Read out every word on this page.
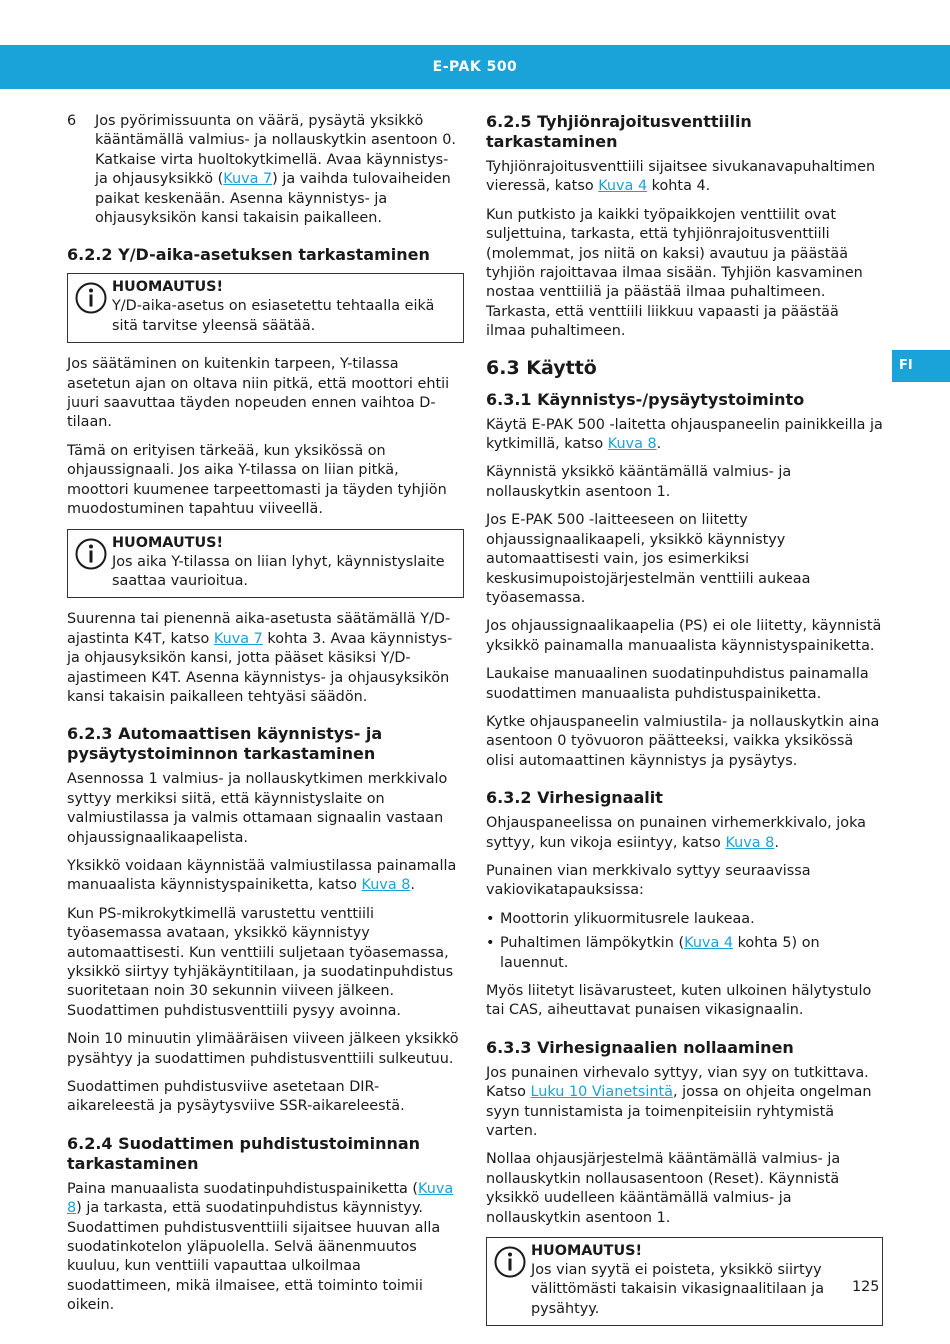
E-PAK 500
FI
6	Jos pyörimissuunta on väärä, pysäytä yksikkö kääntämällä valmius- ja nollauskytkin asentoon 0. Katkaise virta huoltokytkimellä. Avaa käynnistys- ja ohjausyksikkö (Kuva 7) ja vaihda tulovaiheiden paikat keskenään. Asenna käynnistys- ja ohjausyksikön kansi takaisin paikalleen.
6.2.2 Y/D-aika-asetuksen tarkastaminen
HUOMAUTUS!
Y/D-aika-asetus on esiasetettu tehtaalla eikä sitä tarvitse yleensä säätää.

Jos säätäminen on kuitenkin tarpeen, Y-tilassa asetetun ajan on oltava niin pitkä, että moottori ehtii juuri saavuttaa täyden nopeuden ennen vaihtoa D-tilaan.

Tämä on erityisen tärkeää, kun yksikössä on ohjaussignaali. Jos aika Y-tilassa on liian pitkä, moottori kuumenee tarpeettomasti ja täyden tyhjiön muodostuminen tapahtuu viiveellä.

HUOMAUTUS!
Jos aika Y-tilassa on liian lyhyt, käynnistyslaite saattaa vaurioitua.

Suurenna tai pienennä aika-asetusta säätämällä Y/D-ajastinta K4T, katso Kuva 7 kohta 3. Avaa käynnistys- ja ohjausyksikön kansi, jotta pääset käsiksi Y/D-ajastimeen K4T. Asenna käynnistys- ja ohjausyksikön kansi takaisin paikalleen tehtyäsi säädön.

6.2.3 Automaattisen käynnistys- ja pysäytystoiminnon tarkastaminen

Asennossa 1 valmius- ja nollauskytkimen merkkivalo syttyy merkiksi siitä, että käynnistyslaite on valmiustilassa ja valmis ottamaan signaalin vastaan ohjaussignaalikaapelista.

Yksikkö voidaan käynnistää valmiustilassa painamalla manuaalista käynnistyspainiketta, katso Kuva 8.

Kun PS-mikrokytkimellä varustettu venttiili työasemassa avataan, yksikkö käynnistyy automaattisesti. Kun venttiili suljetaan työasemassa, yksikkö siirtyy tyhjäkäyntitilaan, ja suodatinpuhdistus suoritetaan noin 30 sekunnin viiveen jälkeen. Suodattimen puhdistusventtiili pysyy avoinna.

Noin 10 minuutin ylimääräisen viiveen jälkeen yksikkö pysähtyy ja suodattimen puhdistusventtiili sulkeutuu.

Suodattimen puhdistusviive asetetaan DIR-aikareleestä ja pysäytysviive SSR-aikareleestä.

6.2.4 Suodattimen puhdistustoiminnan tarkastaminen

Paina manuaalista suodatinpuhdistuspainiketta (Kuva 8) ja tarkasta, että suodatinpuhdistus käynnistyy. Suodattimen puhdistusventtiili sijaitsee huuvan alla suodatinkotelon yläpuolella. Selvä äänenmuutos kuuluu, kun venttiili vapauttaa ulkoilmaa suodattimeen, mikä ilmaisee, että toiminto toimii oikein.

6.2.5 Tyhjiönrajoitusventtiilin tarkastaminen

Tyhjiönrajoitusventtiili sijaitsee sivukanavapuhaltimen vieressä, katso Kuva 4 kohta 4.

Kun putkisto ja kaikki työpaikkojen venttiilit ovat suljettuina, tarkasta, että tyhjiönrajoitusventtiili (molemmat, jos niitä on kaksi) avautuu ja päästää tyhjiön rajoittavaa ilmaa sisään. Tyhjiön kasvaminen nostaa venttiiliä ja päästää ilmaa puhaltimeen. Tarkasta, että venttiili liikkuu vapaasti ja päästää ilmaa puhaltimeen.

6.3 Käyttö
6.3.1 Käynnistys-/pysäytystoiminto

Käytä E-PAK 500 -laitetta ohjauspaneelin painikkeilla ja kytkimillä, katso Kuva 8.

Käynnistä yksikkö kääntämällä valmius- ja nollauskytkin asentoon 1.

Jos E-PAK 500 -laitteeseen on liitetty ohjaussignaalikaapeli, yksikkö käynnistyy automaattisesti vain, jos esimerkiksi keskusimupoistojärjestelmän venttiili aukeaa työasemassa.

Jos ohjaussignaalikaapelia (PS) ei ole liitetty, käynnistä yksikkö painamalla manuaalista käynnistyspainiketta.

Laukaise manuaalinen suodatinpuhdistus painamalla suodattimen manuaalista puhdistuspainiketta.

Kytke ohjauspaneelin valmiustila- ja nollauskytkin aina asentoon 0 työvuoron päätteeksi, vaikka yksikössä olisi automaattinen käynnistys ja pysäytys.

6.3.2 Virhesignaalit

Ohjauspaneelissa on punainen virhemerkkivalo, joka syttyy, kun vikoja esiintyy, katso Kuva 8.

Punainen vian merkkivalo syttyy seuraavissa vakiovikatapauksissa:

• Moottorin ylikuormitusrele laukeaa.
• Puhaltimen lämpökytkin (Kuva 4 kohta 5) on lauennut.

Myös liitetyt lisävarusteet, kuten ulkoinen hälytystulo tai CAS, aiheuttavat punaisen vikasignaalin.

6.3.3 Virhesignaalien nollaaminen

Jos punainen virhevalo syttyy, vian syy on tutkittava. Katso Luku 10 Vianetsintä, jossa on ohjeita ongelman syyn tunnistamista ja toimenpiteisiin ryhtymistä varten.

Nollaa ohjausjärjestelmä kääntämällä valmius- ja nollauskytkin nollausasentoon (Reset). Käynnistä yksikkö uudelleen kääntämällä valmius- ja nollauskytkin asentoon 1.

HUOMAUTUS!
Jos vian syytä ei poisteta, yksikkö siirtyy välittömästi takaisin vikasignaalitilaan ja pysähtyy.
125
